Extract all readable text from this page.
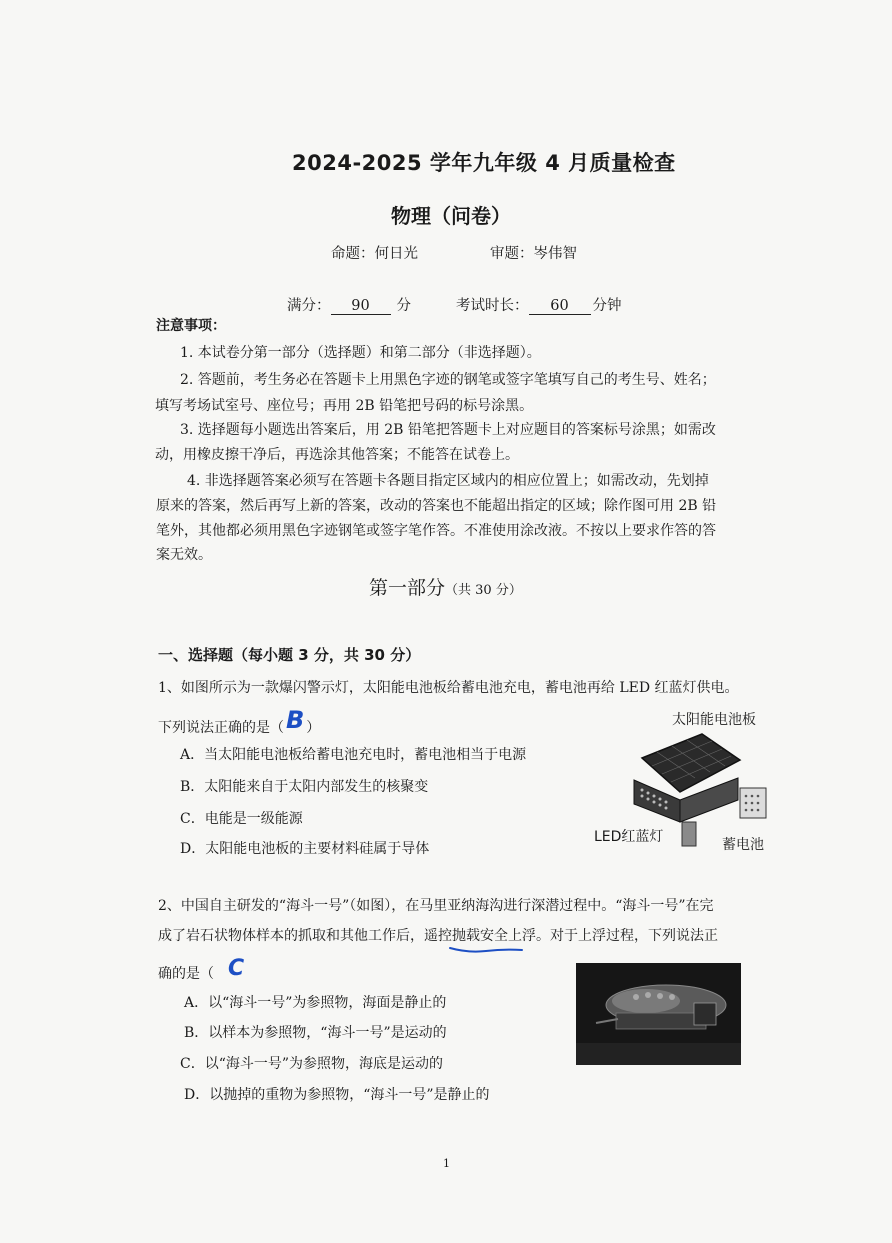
2024-2025 学年九年级 4 月质量检查
物理（问卷）
命题：何日光	审题：岑伟智
满分： 90 分	考试时长： 60 分钟
注意事项：
1. 本试卷分第一部分（选择题）和第二部分（非选择题）。
2. 答题前，考生务必在答题卡上用黑色字迹的钢笔或签字笔填写自己的考生号、姓名；
填写考场试室号、座位号；再用 2B 铅笔把号码的标号涂黑。
3. 选择题每小题选出答案后，用 2B 铅笔把答题卡上对应题目的答案标号涂黑；如需改
动，用橡皮擦干净后，再选涂其他答案；不能答在试卷上。
4. 非选择题答案必须写在答题卡各题目指定区域内的相应位置上；如需改动，先划掉
原来的答案，然后再写上新的答案，改动的答案也不能超出指定的区域；除作图可用 2B 铅
笔外，其他都必须用黑色字迹钢笔或签字笔作答。不准使用涂改液。不按以上要求作答的答
案无效。
第一部分（共 30 分）
一、选择题（每小题 3 分，共 30 分）
1、如图所示为一款爆闪警示灯，太阳能电池板给蓄电池充电，蓄电池再给 LED 红蓝灯供电。
下列说法正确的是（B ）
A．当太阳能电池板给蓄电池充电时，蓄电池相当于电源
B．太阳能来自于太阳内部发生的核聚变
C．电能是一级能源
D．太阳能电池板的主要材料硅属于导体
太阳能电池板
LED红蓝灯	蓄电池
2、中国自主研发的“海斗一号”（如图），在马里亚纳海沟进行深潜过程中。“海斗一号”在完
成了岩石状物体样本的抓取和其他工作后，遥控抛载安全上浮
。对于上浮过程，下列说法正
确的是（ C
A．以“海斗一号”为参照物，海面是静止的
B．以样本为参照物，“海斗一号”是运动的
C．以“海斗一号”为参照物，海底是运动的
D．以抛掉的重物为参照物，“海斗一号”是静止的
1
